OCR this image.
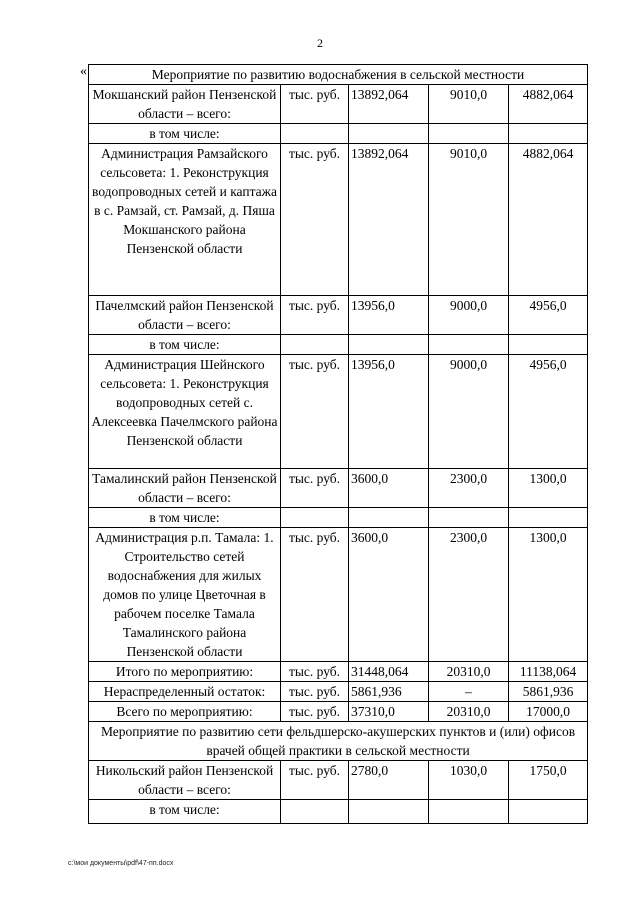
2
«	Мероприятие по развитию водоснабжения в сельской местности				
Мокшанский район Пензенской области – всего:	тыс. руб.	13892,064	9010,0	4882,064
в том числе:				
Администрация Рамзайского сельсовета: 1. Реконструкция водопроводных сетей и каптажа в с. Рамзай, ст. Рамзай, д. Пяша Мокшанского района Пензенской области	тыс. руб.	13892,064	9010,0	4882,064
Пачелмский район Пензенской области – всего:	тыс. руб.	13956,0	9000,0	4956,0
в том числе:				
Администрация Шейнского сельсовета: 1. Реконструкция водопроводных сетей с. Алексеевка Пачелмского района Пензенской области	тыс. руб.	13956,0	9000,0	4956,0
Тамалинский район Пензенской области – всего:	тыс. руб.	3600,0	2300,0	1300,0
в том числе:				
Администрация р.п. Тамала: 1. Строительство сетей водоснабжения для жилых домов по улице Цветочная в рабочем поселке Тамала Тамалинского района Пензенской области	тыс. руб.	3600,0	2300,0	1300,0
Итого по мероприятию:	тыс. руб.	31448,064	20310,0	11138,064
Нераспределенный остаток:	тыс. руб.	5861,936	–	5861,936
Всего по мероприятию:	тыс. руб.	37310,0	20310,0	17000,0
Мероприятие по развитию сети фельдшерско-акушерских пунктов и (или) офисов врачей общей практики в сельской местности				
Никольский район Пензенской области – всего:	тыс. руб.	2780,0	1030,0	1750,0
в том числе:				
c:\мои документы\pdf\47-пп.docx
